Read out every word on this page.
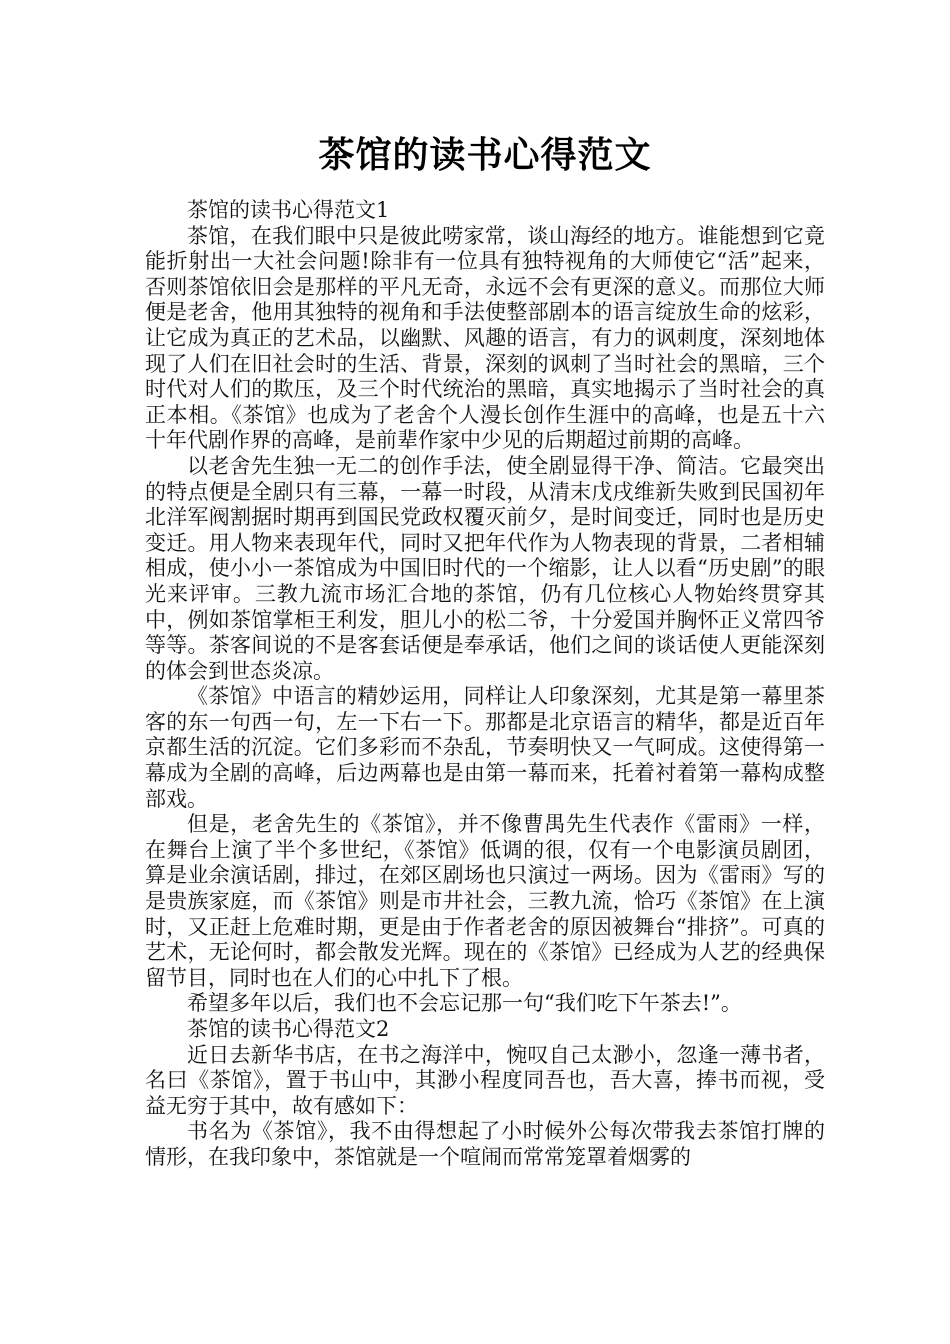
茶馆的读书心得范文

茶馆的读书心得范文1

茶馆，在我们眼中只是彼此唠家常，谈山海经的地方。谁能想到它竟能折射出一大社会问题!除非有一位具有独特视角的大师使它“活”起来，否则茶馆依旧会是那样的平凡无奇，永远不会有更深的意义。而那位大师便是老舍，他用其独特的视角和手法使整部剧本的语言绽放生命的炫彩，让它成为真正的艺术品，以幽默、风趣的语言，有力的讽刺度，深刻地体现了人们在旧社会时的生活、背景，深刻的讽刺了当时社会的黑暗，三个时代对人们的欺压，及三个时代统治的黑暗，真实地揭示了当时社会的真正本相。《茶馆》也成为了老舍个人漫长创作生涯中的高峰，也是五十六十年代剧作界的高峰，是前辈作家中少见的后期超过前期的高峰。

以老舍先生独一无二的创作手法，使全剧显得干净、简洁。它最突出的特点便是全剧只有三幕，一幕一时段，从清末戊戌维新失败到民国初年北洋军阀割据时期再到国民党政权覆灭前夕，是时间变迁，同时也是历史变迁。用人物来表现年代，同时又把年代作为人物表现的背景，二者相辅相成，使小小一茶馆成为中国旧时代的一个缩影，让人以看“历史剧”的眼光来评审。三教九流市场汇合地的茶馆，仍有几位核心人物始终贯穿其中，例如茶馆掌柜王利发，胆儿小的松二爷，十分爱国并胸怀正义常四爷等等。茶客间说的不是客套话便是奉承话，他们之间的谈话使人更能深刻的体会到世态炎凉。

《茶馆》中语言的精妙运用，同样让人印象深刻，尤其是第一幕里茶客的东一句西一句，左一下右一下。那都是北京语言的精华，都是近百年京都生活的沉淀。它们多彩而不杂乱，节奏明快又一气呵成。这使得第一幕成为全剧的高峰，后边两幕也是由第一幕而来，托着衬着第一幕构成整部戏。

但是，老舍先生的《茶馆》，并不像曹禺先生代表作《雷雨》一样，在舞台上演了半个多世纪，《茶馆》低调的很，仅有一个电影演员剧团，算是业余演话剧，排过，在郊区剧场也只演过一两场。因为《雷雨》写的是贵族家庭，而《茶馆》则是市井社会，三教九流，恰巧《茶馆》在上演时，又正赶上危难时期，更是由于作者老舍的原因被舞台“排挤”。可真的艺术，无论何时，都会散发光辉。现在的《茶馆》已经成为人艺的经典保留节目，同时也在人们的心中扎下了根。

希望多年以后，我们也不会忘记那一句“我们吃下午茶去!”。

茶馆的读书心得范文2

近日去新华书店，在书之海洋中，惋叹自己太渺小，忽逢一薄书者，名曰《茶馆》，置于书山中，其渺小程度同吾也，吾大喜，捧书而视，受益无穷于其中，故有感如下：

书名为《茶馆》，我不由得想起了小时候外公每次带我去茶馆打牌的情形，在我印象中，茶馆就是一个喧闹而常常笼罩着烟雾的
